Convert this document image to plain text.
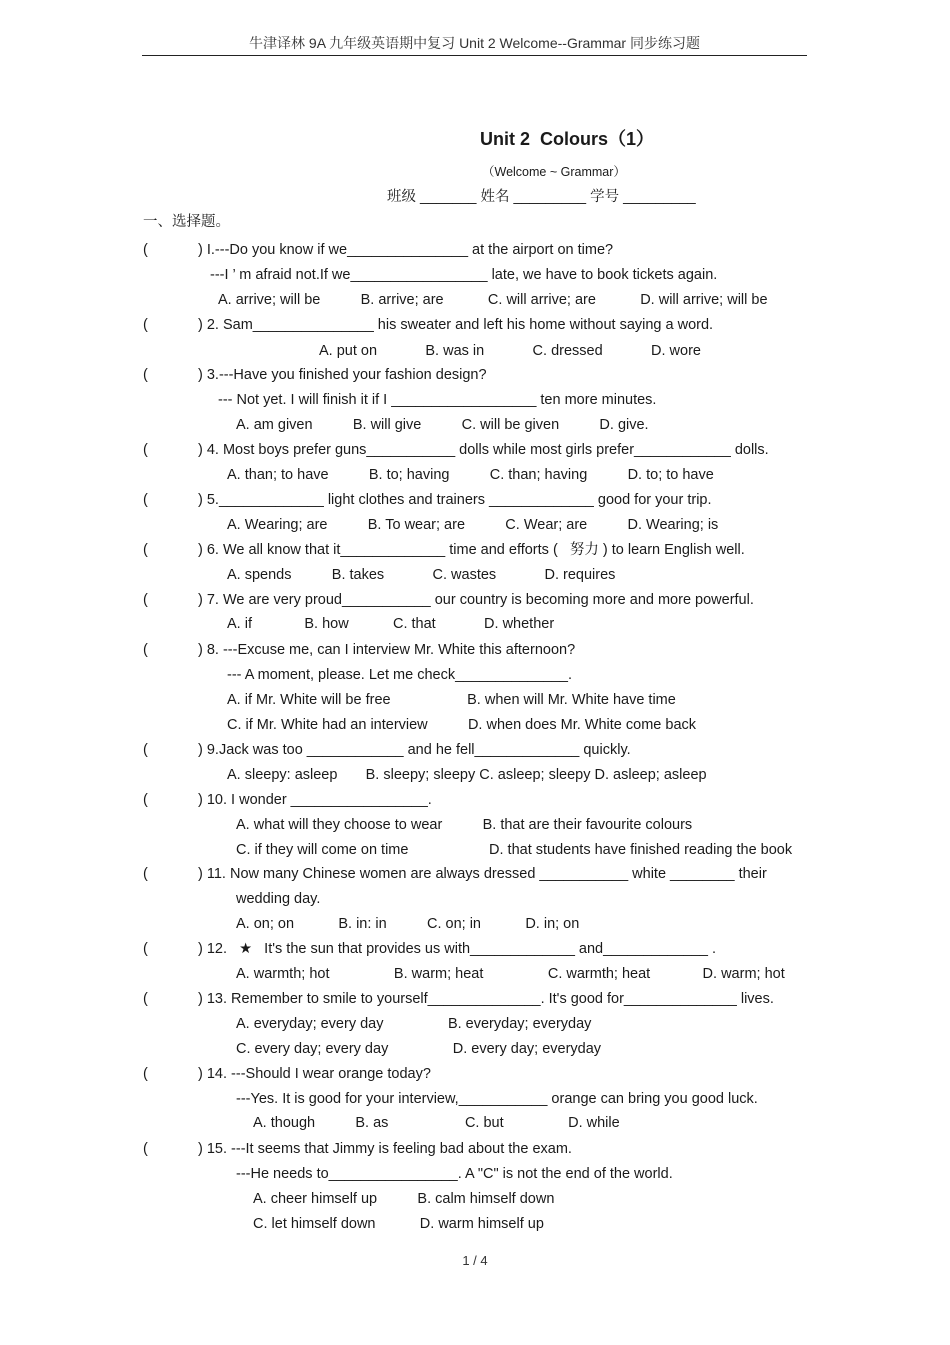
牛津译林 9A 九年级英语期中复习 Unit 2 Welcome--Grammar 同步练习题
Unit 2  Colours（1）
（Welcome ~ Grammar）
班级 _______ 姓名 _________ 学号 _________
一、选择题。
(
(
(
(
(
(
(
(
(
(
(
(
(
(
(
) I.---Do you know if we_______________ at the airport on time?
---I ’ m afraid not.If we_________________ late, we have to book tickets again.
A. arrive; will be          B. arrive; are           C. will arrive; are           D. will arrive; will be
) 2. Sam_______________ his sweater and left his home without saying a word.
A. put on            B. was in            C. dressed            D. wore
) 3.---Have you finished your fashion design?
--- Not yet. I will finish it if I __________________ ten more minutes.
A. am given          B. will give          C. will be given          D. give.
) 4. Most boys prefer guns___________ dolls while most girls prefer____________ dolls.
A. than; to have          B. to; having          C. than; having          D. to; to have
) 5._____________ light clothes and trainers _____________ good for your trip.
A. Wearing; are          B. To wear; are          C. Wear; are          D. Wearing; is
) 6. We all know that it_____________ time and efforts (   努力 ) to learn English well.
A. spends          B. takes            C. wastes            D. requires
) 7. We are very proud___________ our country is becoming more and more powerful.
A. if             B. how           C. that            D. whether
) 8. ---Excuse me, can I interview Mr. White this afternoon?
--- A moment, please. Let me check______________.
A. if Mr. White will be free                   B. when will Mr. White have time
C. if Mr. White had an interview          D. when does Mr. White come back
) 9.Jack was too ____________ and he fell_____________ quickly.
A. sleepy: asleep       B. sleepy; sleepy C. asleep; sleepy D. asleep; asleep
) 10. I wonder _________________.
A. what will they choose to wear          B. that are their favourite colours
C. if they will come on time                    D. that students have finished reading the book
) 11. Now many Chinese women are always dressed ___________ white ________ their
wedding day.
A. on; on           B. in: in          C. on; in           D. in; on
) 12.   ★   It's the sun that provides us with_____________ and_____________ .
A. warmth; hot                B. warm; heat                C. warmth; heat             D. warm; hot
) 13. Remember to smile to yourself______________. It's good for______________ lives.
A. everyday; every day                B. everyday; everyday
C. every day; every day                D. every day; everyday
) 14. ---Should I wear orange today?
---Yes. It is good for your interview,___________ orange can bring you good luck.
A. though          B. as                   C. but                D. while
) 15. ---It seems that Jimmy is feeling bad about the exam.
---He needs to________________. A "C" is not the end of the world.
A. cheer himself up          B. calm himself down
C. let himself down           D. warm himself up
1 / 4
